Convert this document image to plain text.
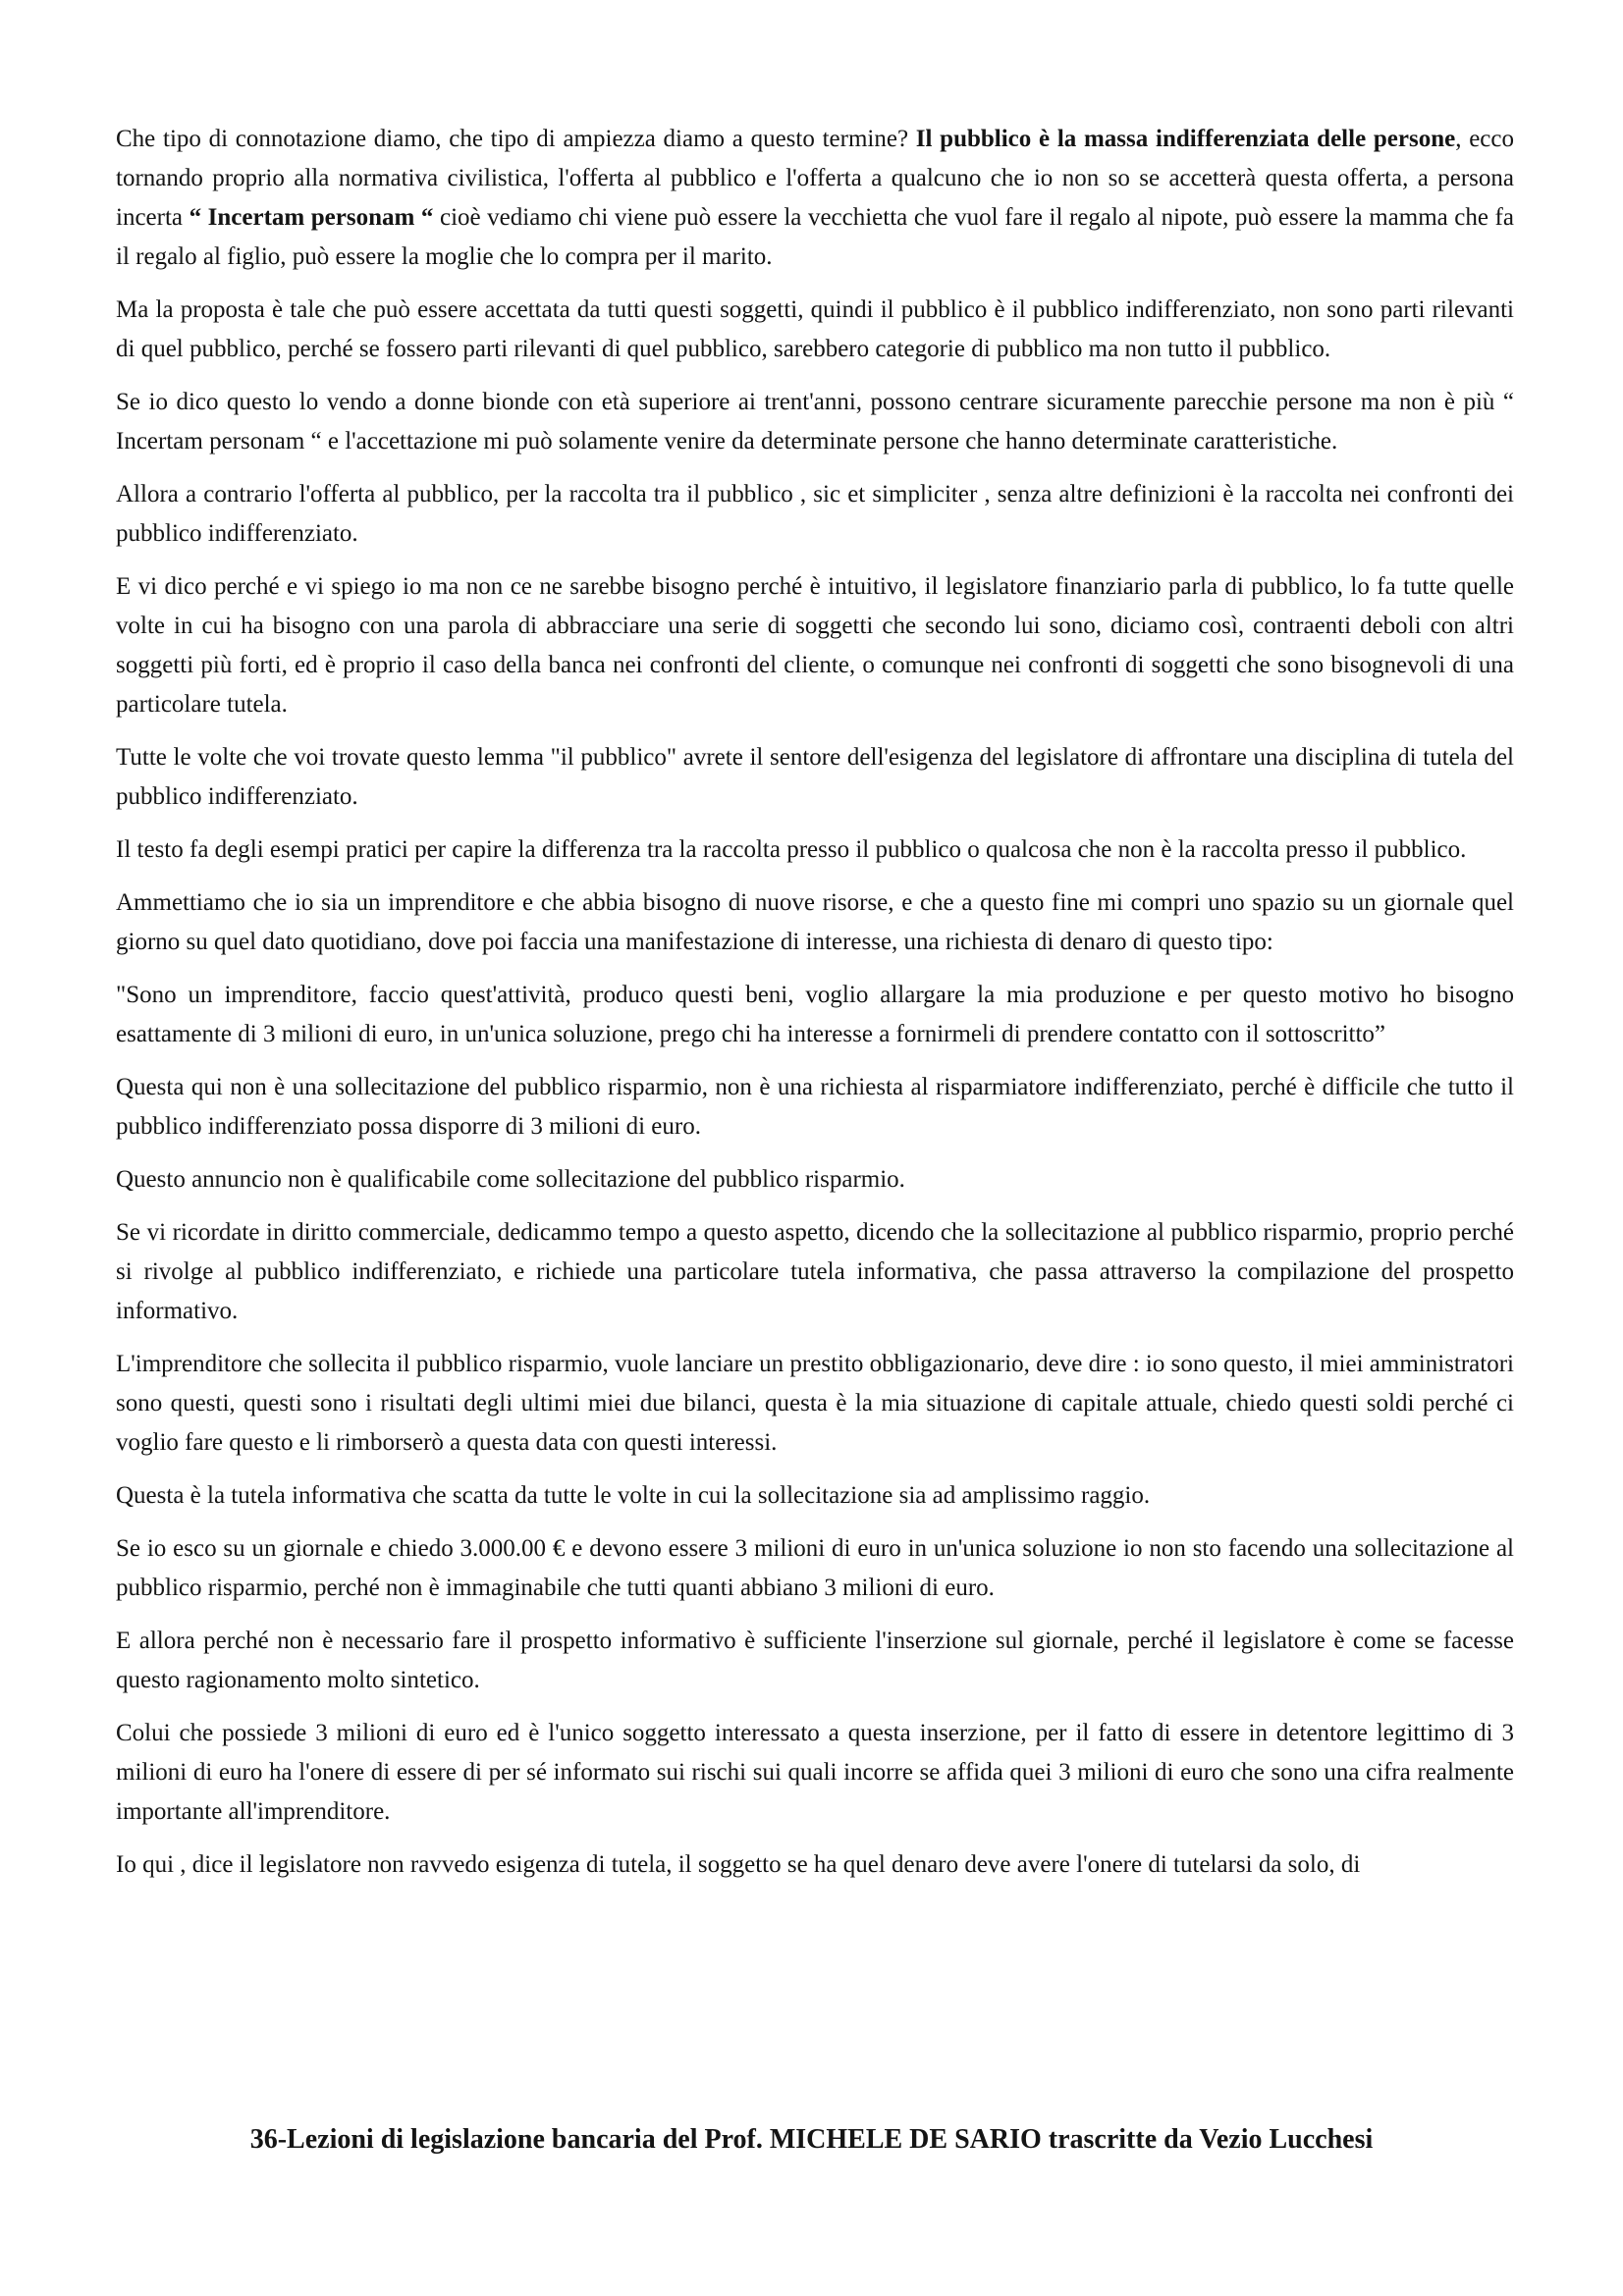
Che tipo di connotazione diamo, che tipo di ampiezza diamo a questo termine? Il pubblico è la massa indifferenziata delle persone, ecco tornando proprio alla normativa civilistica, l'offerta al pubblico e l'offerta a qualcuno che io non so se accetterà questa offerta, a persona incerta “ Incertam personam “ cioè vediamo chi viene può essere la vecchietta che vuol fare il regalo al nipote, può essere la mamma che fa il regalo al figlio, può essere la moglie che lo compra per il marito.

Ma la proposta è tale che può essere accettata da tutti questi soggetti, quindi il pubblico è il pubblico indifferenziato, non sono parti rilevanti di quel pubblico, perché se fossero parti rilevanti di quel pubblico, sarebbero categorie di pubblico ma non tutto il pubblico.

Se io dico questo lo vendo a donne bionde con età superiore ai trent'anni, possono centrare sicuramente parecchie persone ma non è più “ Incertam personam “ e l'accettazione mi può solamente venire da determinate persone che hanno determinate caratteristiche.

Allora a contrario l'offerta al pubblico, per la raccolta tra il pubblico , sic et simpliciter , senza altre definizioni è la raccolta nei confronti dei pubblico indifferenziato.

E vi dico perché e vi spiego io ma non ce ne sarebbe bisogno perché è intuitivo, il legislatore finanziario parla di pubblico, lo fa tutte quelle volte in cui ha bisogno con una parola di abbracciare una serie di soggetti che secondo lui sono, diciamo così, contraenti deboli con altri soggetti più forti, ed è proprio il caso della banca nei confronti del cliente, o comunque nei confronti di soggetti che sono bisognevoli di una particolare tutela.

Tutte le volte che voi trovate questo lemma "il pubblico" avrete il sentore dell'esigenza del legislatore di affrontare una disciplina di tutela del pubblico indifferenziato.

Il testo fa degli esempi pratici per capire la differenza tra la raccolta presso il pubblico o qualcosa che non è la raccolta presso il pubblico.

Ammettiamo che io sia un imprenditore e che abbia bisogno di nuove risorse, e che a questo fine mi compri uno spazio su un giornale quel giorno su quel dato quotidiano, dove poi faccia una manifestazione di interesse, una richiesta di denaro di questo tipo:

"Sono un imprenditore, faccio quest'attività, produco questi beni, voglio allargare la mia produzione e per questo motivo ho bisogno esattamente di 3 milioni di euro, in un'unica soluzione, prego chi ha interesse a fornirmeli di prendere contatto con il sottoscritto”

Questa qui non è una sollecitazione del pubblico risparmio, non è una richiesta al risparmiatore indifferenziato, perché è difficile che tutto il pubblico indifferenziato possa disporre di 3 milioni di euro.

Questo annuncio non è qualificabile come sollecitazione del pubblico risparmio.

Se vi ricordate in diritto commerciale, dedicammo tempo a questo aspetto, dicendo che la sollecitazione al pubblico risparmio, proprio perché si rivolge al pubblico indifferenziato, e richiede una particolare tutela informativa, che passa attraverso la compilazione del prospetto informativo.

L'imprenditore che sollecita il pubblico risparmio, vuole lanciare un prestito obbligazionario, deve dire : io sono questo, il miei amministratori sono questi, questi sono i risultati degli ultimi miei due bilanci, questa è la mia situazione di capitale attuale, chiedo questi soldi perché ci voglio fare questo e li rimborserò a questa data con questi interessi.

Questa è la tutela informativa che scatta da tutte le volte in cui la sollecitazione sia ad amplissimo raggio.

Se io esco su un giornale e chiedo 3.000.00 € e devono essere 3 milioni di euro in un'unica soluzione io non sto facendo una sollecitazione al pubblico risparmio, perché non è immaginabile che tutti quanti abbiano 3 milioni di euro.

E allora perché non è necessario fare il prospetto informativo è sufficiente l'inserzione sul giornale, perché il legislatore è come se facesse questo ragionamento molto sintetico.

Colui che possiede 3 milioni di euro ed è l'unico soggetto interessato a questa inserzione, per il fatto di essere in detentore legittimo di 3 milioni di euro ha l'onere di essere di per sé informato sui rischi sui quali incorre se affida quei 3 milioni di euro che sono una cifra realmente importante all'imprenditore.

Io qui , dice il legislatore non ravvedo esigenza di tutela, il soggetto se ha quel denaro deve avere l'onere di tutelarsi da solo, di

36-Lezioni di legislazione bancaria del Prof. MICHELE DE SARIO trascritte da Vezio Lucchesi
